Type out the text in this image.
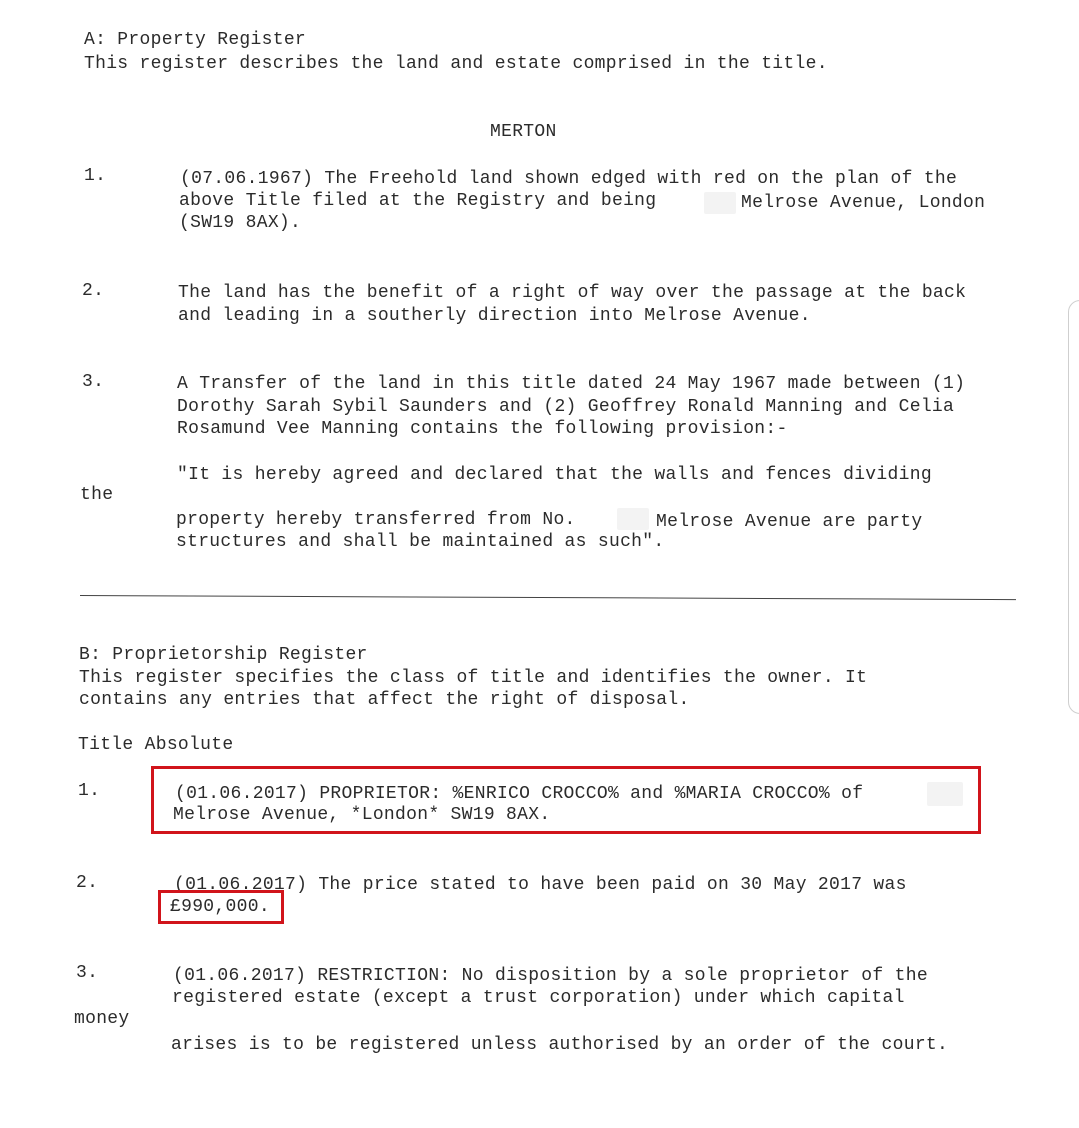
A: Property Register
This register describes the land and estate comprised in the title.
MERTON
1.	(07.06.1967) The Freehold land shown edged with red on the plan of the
above Title filed at the Registry and being	Melrose Avenue, London
(SW19 8AX).
2.	The land has the benefit of a right of way over the passage at the back
and leading in a southerly direction into Melrose Avenue.
3.	A Transfer of the land in this title dated 24 May 1967 made between (1)
Dorothy Sarah Sybil Saunders and (2) Geoffrey Ronald Manning and Celia
Rosamund Vee Manning contains the following provision:-
"It is hereby agreed and declared that the walls and fences dividing
the
property hereby transferred from No.	Melrose Avenue are party
structures and shall be maintained as such".
B: Proprietorship Register
This register specifies the class of title and identifies the owner. It
contains any entries that affect the right of disposal.
Title Absolute
1.	(01.06.2017) PROPRIETOR: %ENRICO CROCCO% and %MARIA CROCCO% of
Melrose Avenue, *London* SW19 8AX.
2.	(01.06.2017) The price stated to have been paid on 30 May 2017 was
£990,000.
3.	(01.06.2017) RESTRICTION: No disposition by a sole proprietor of the
registered estate (except a trust corporation) under which capital
money
arises is to be registered unless authorised by an order of the court.
